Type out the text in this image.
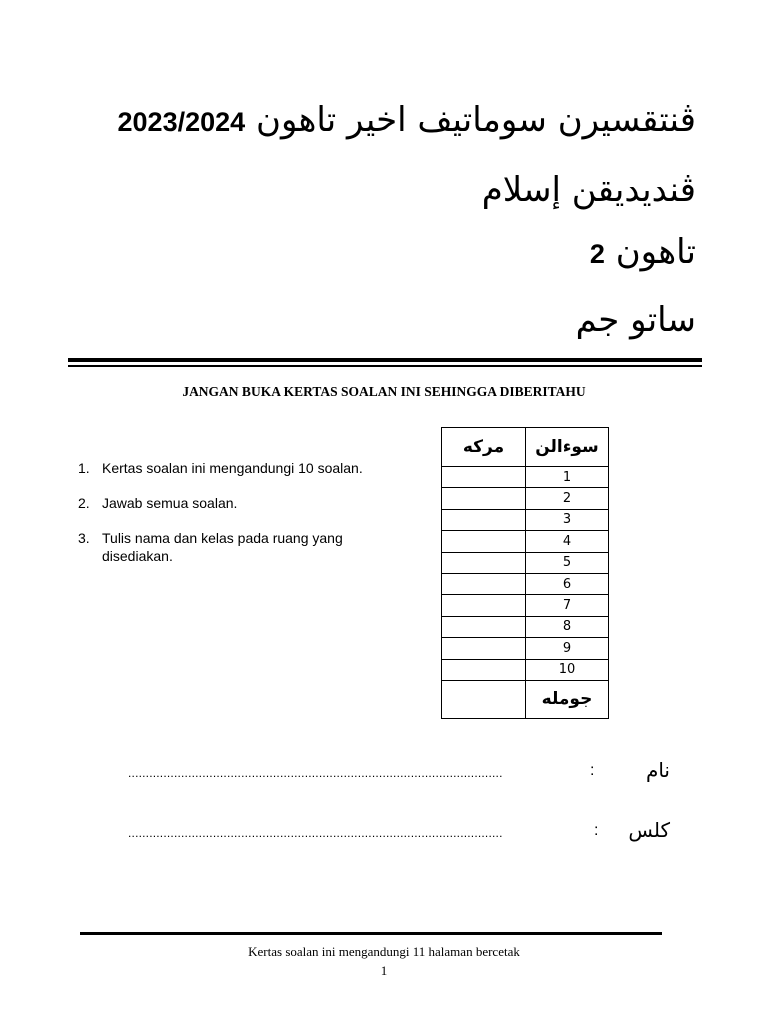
ڤنتقسيرن سوماتيف اخير تاهون 2023/2024
ڤنديديقن إسلام
تاهون 2
ساتو جم
JANGAN BUKA KERTAS SOALAN INI SEHINGGA DIBERITAHU
1. Kertas soalan ini mengandungi 10 soalan.
2. Jawab semua soalan.
3. Tulis nama dan kelas pada ruang yang disediakan.
مركه	سوءالن
	1
	2
	3
	4
	5
	6
	7
	8
	9
	10
	جومله
..........................................................................................................	:	نام
..........................................................................................................	: كلس
Kertas soalan ini mengandungi 11 halaman bercetak
1
